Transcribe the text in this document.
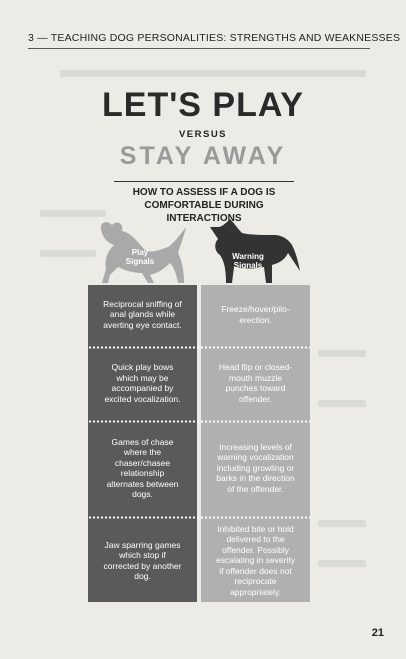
3 — TEACHING DOG PERSONALITIES: STRENGTHS AND WEAKNESSES
LET'S PLAY
VERSUS
STAY AWAY
HOW TO ASSESS IF A DOG IS
COMFORTABLE DURING INTERACTIONS
Play
Signals
Warning
Signals
Reciprocal sniffing of
anal glands while
averting eye contact.
Freeze/hover/pilo-
erection.
Quick play bows
which may be
accompanied by
excited vocalization.
Head flip or closed-
mouth muzzle
punches toward
offender.
Games of chase
where the
chaser/chasee
relationship
alternates between
dogs.
Increasing levels of
warning vocalization
including growling or
barks in the direction
of the offender.
Jaw sparring games
which stop if
corrected by another
dog.
Inhibited bite or hold
delivered to the
offender. Possibly
escalating in severity
if offender does not
reciprocate
appropriately.
21
